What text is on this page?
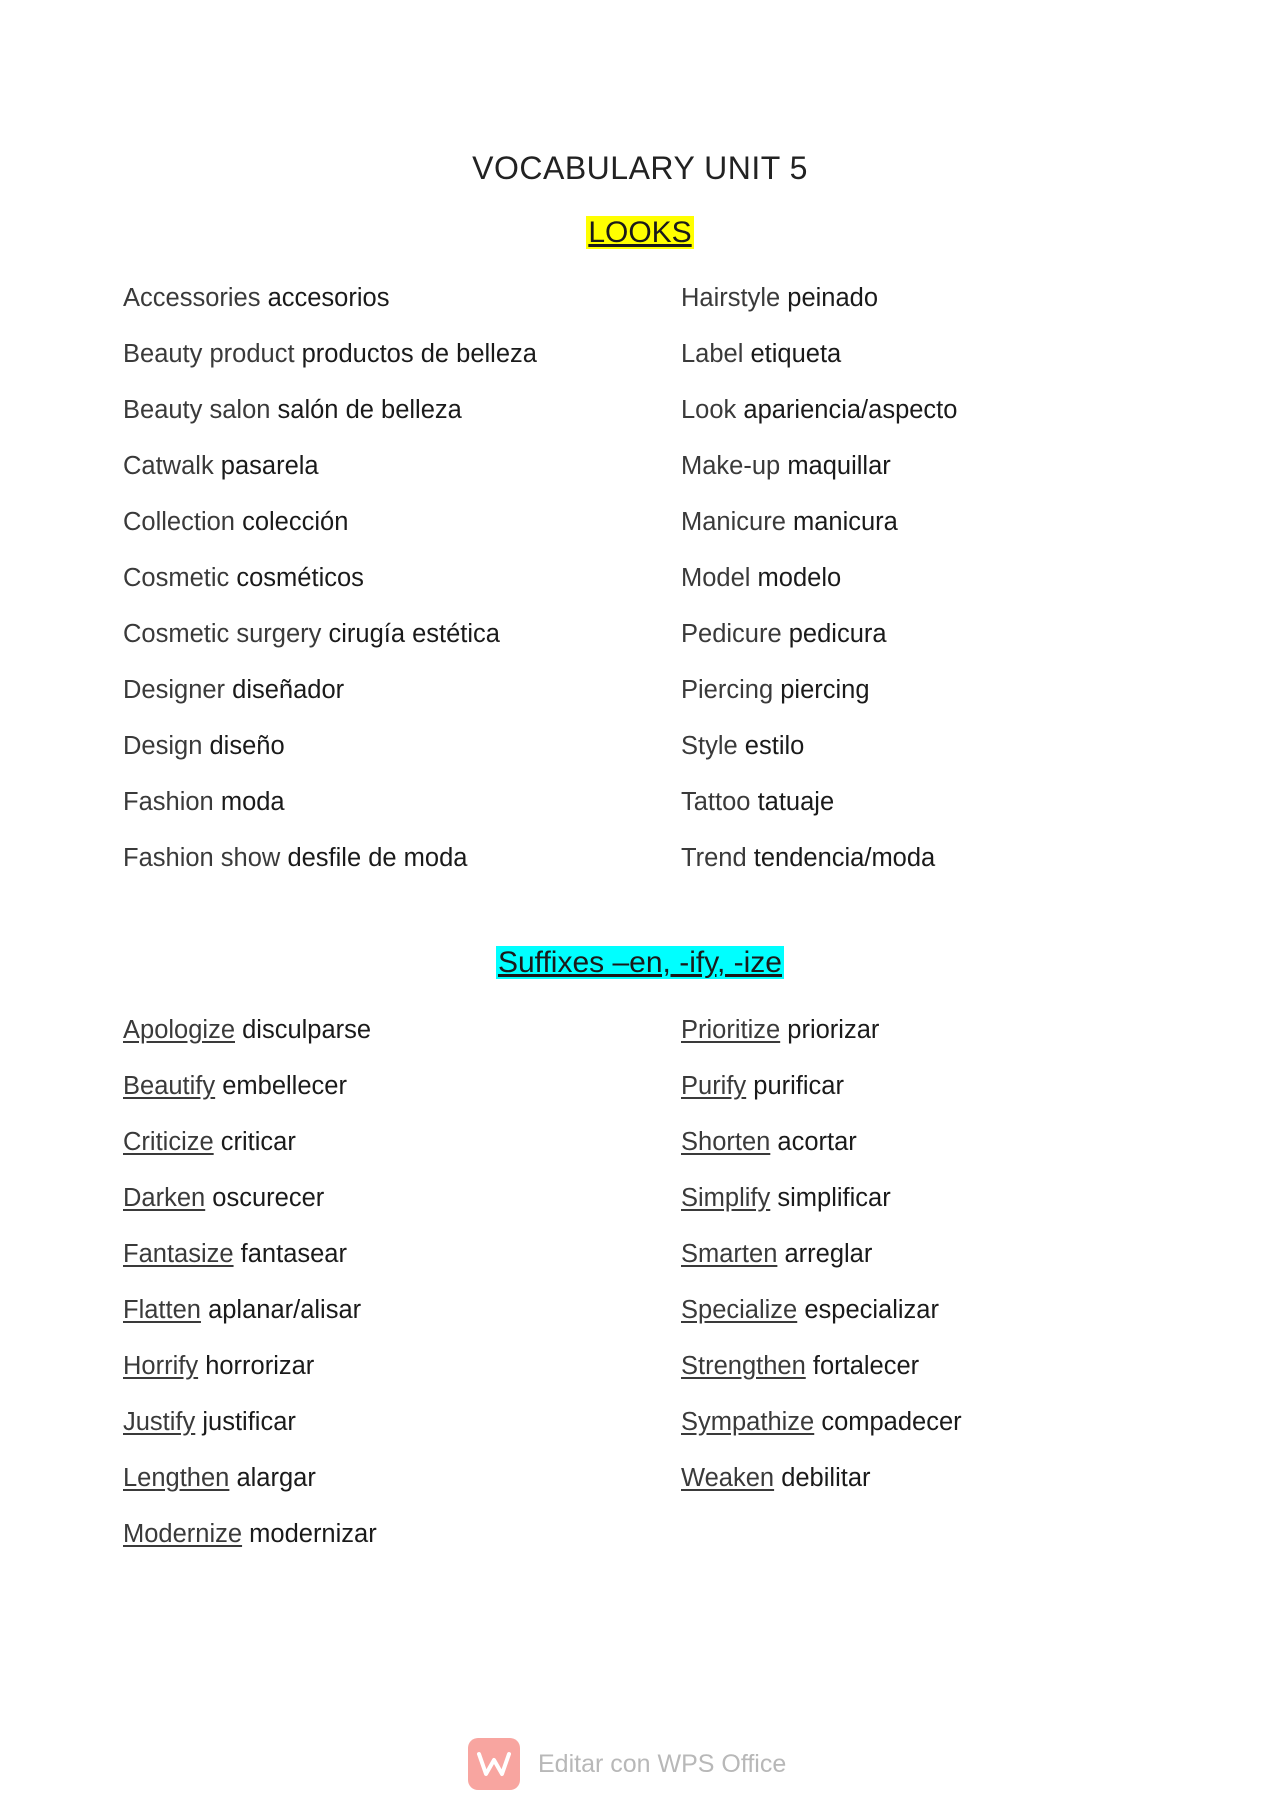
VOCABULARY UNIT 5
LOOKS
Accessories accesorios
Beauty product productos de belleza
Beauty salon salón de belleza
Catwalk pasarela
Collection colección
Cosmetic cosméticos
Cosmetic surgery cirugía estética
Designer diseñador
Design diseño
Fashion moda
Fashion show desfile de moda
Hairstyle peinado
Label etiqueta
Look apariencia/aspecto
Make-up maquillar
Manicure manicura
Model modelo
Pedicure pedicura
Piercing piercing
Style estilo
Tattoo tatuaje
Trend tendencia/moda
Suffixes –en, -ify, -ize
Apologize disculparse
Beautify embellecer
Criticize criticar
Darken oscurecer
Fantasize fantasear
Flatten aplanar/alisar
Horrify horrorizar
Justify justificar
Lengthen alargar
Modernize modernizar
Prioritize priorizar
Purify purificar
Shorten acortar
Simplify simplificar
Smarten arreglar
Specialize especializar
Strengthen fortalecer
Sympathize compadecer
Weaken debilitar
Editar con WPS Office
